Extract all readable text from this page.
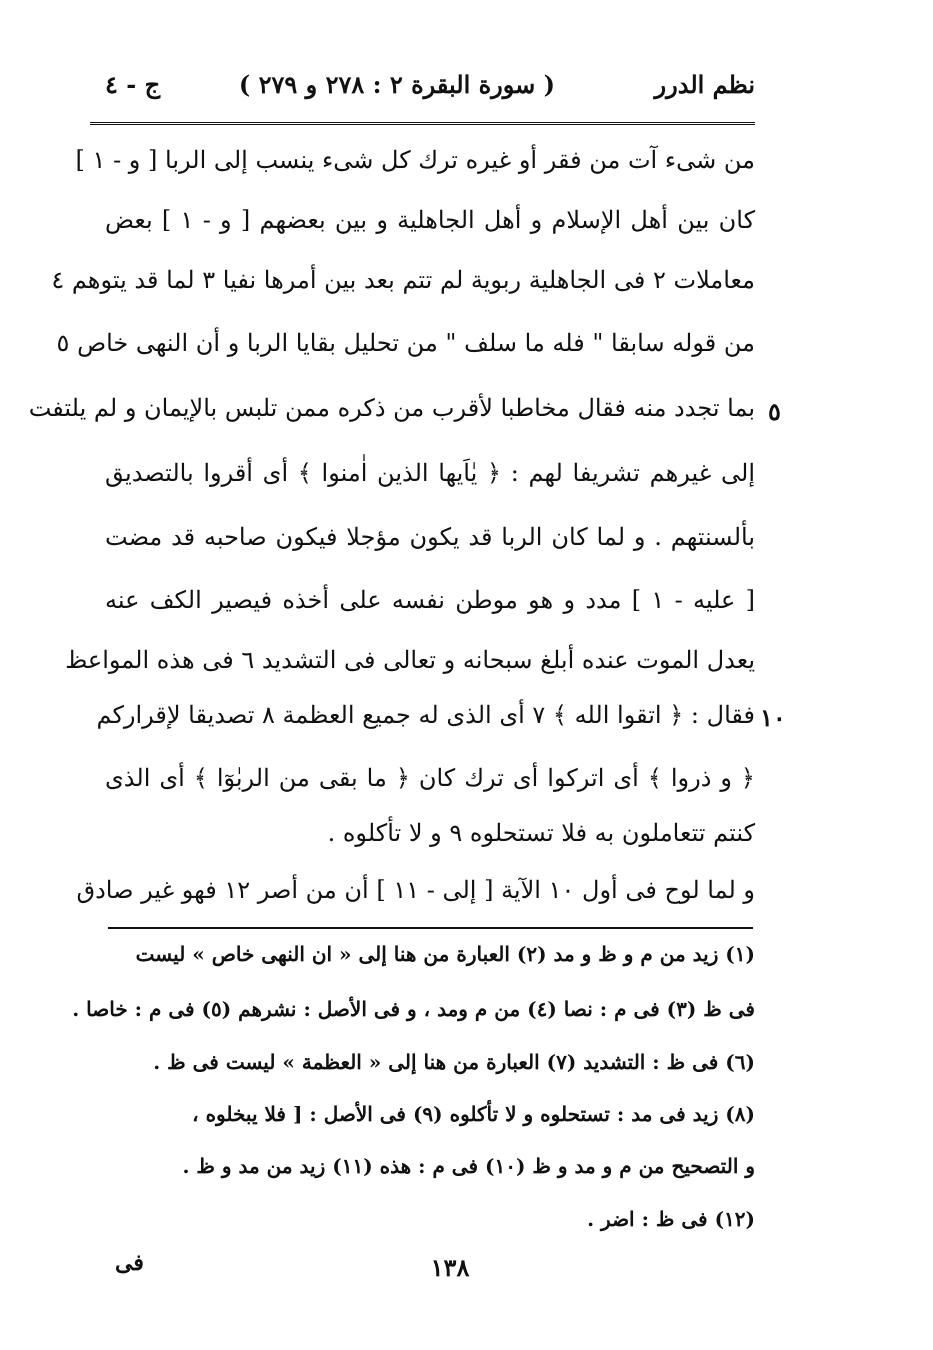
نظم الدرر
( سورة البقرة ٢ : ٢٧٨ و ٢٧٩ )
ج - ٤
من شیء آت من فقر أو غیره ترك كل شیء ینسب إلى الربا [ و - ١ ]
كان بین أهل الإسلام و أهل الجاهلیة و بین بعضهم [ و - ١ ] بعض
معاملات ٢ فی الجاهلیة ربویة لم تتم بعد بین أمرها نفیا ٣ لما قد یتوهم ٤
من قوله سابقا " فله ما سلف " من تحلیل بقایا الربا و أن النهی خاص ٥
بما تجدد منه فقال مخاطبا لأقرب من ذكره ممن تلبس بالإیمان و لم یلتفت ٥
إلى غیرهم تشریفا لهم : ﴿ یٰاَیها الذین اٰمنوا ﴾ أی أقروا بالتصدیق
بألسنتهم . و لما كان الربا قد یكون مؤجلا فیكون صاحبه قد مضت
[ علیه - ١ ] مدد و هو موطن نفسه على أخذه فیصیر الكف عنه
یعدل الموت عنده أبلغ سبحانه و تعالى فی التشدید ٦ فی هذه المواعظ
فقال : ﴿ اتقوا الله ﴾ ٧ أی الذی له جمیع العظمة ٨ تصدیقا لإقرارکم ١٠
﴿ و ذروا ﴾ أی اتركوا أی ترك كان ﴿ ما بقی من الربٰوٓا ﴾ أی الذی
كنتم تتعاملون به فلا تستحلوه ٩ و لا تأكلوه .
و لما لوح فی أول ١٠ الآیة [ إلى - ١١ ] أن من أصر ١٢ فهو غیر صادق
(١) زید من م و ظ و مد (٢) العبارة من هنا إلى « ان النهی خاص » لیست
فی ظ (٣) فی م : نصا (٤) من م ومد ، و فی الأصل : نشرهم (٥) فی م : خاصا .
(٦) فی ظ : التشدید (٧) العبارة من هنا إلى « العظمة » لیست فی ظ .
(٨) زید فی مد : تستحلوه و لا تأكلوه (٩) فی الأصل : [ فلا یبخلوه ،
و التصحیح من م و مد و ظ (١٠) فی م : هذه (١١) زید من مد و ظ .
(١٢) فی ظ : اضر .
١٣٨
فی
